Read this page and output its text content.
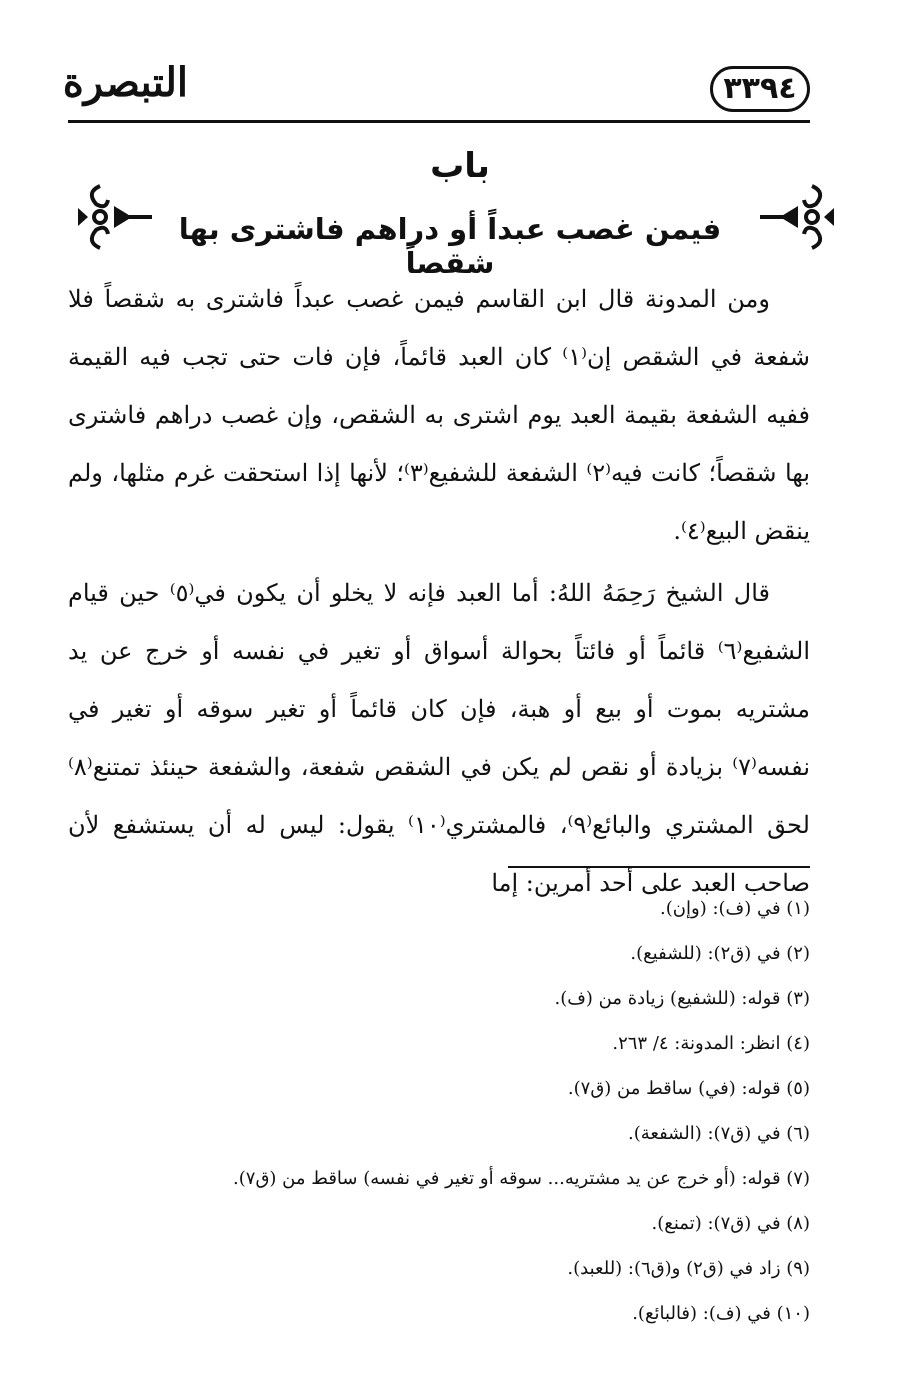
التبصرة	٣٣٩٤
باب
فيمن غصب عبداً أو دراهم فاشترى بها شقصاً

ومن المدونة قال ابن القاسم فيمن غصب عبداً فاشترى به شقصاً فلا شفعة في الشقص إن⁽١⁾ كان العبد قائماً، فإن فات حتى تجب فيه القيمة ففيه الشفعة بقيمة العبد يوم اشترى به الشقص، وإن غصب دراهم فاشترى بها شقصاً؛ كانت فيه⁽٢⁾ الشفعة للشفيع⁽٣⁾؛ لأنها إذا استحقت غرم مثلها، ولم ينقض البيع⁽٤⁾.

قال الشيخ رَحِمَهُ اللهُ: أما العبد فإنه لا يخلو أن يكون في⁽٥⁾ حين قيام الشفيع⁽٦⁾ قائماً أو فائتاً بحوالة أسواق أو تغير في نفسه أو خرج عن يد مشتريه بموت أو بيع أو هبة، فإن كان قائماً أو تغير سوقه أو تغير في نفسه⁽٧⁾ بزيادة أو نقص لم يكن في الشقص شفعة، والشفعة حينئذ تمتنع⁽٨⁾ لحق المشتري والبائع⁽٩⁾، فالمشتري⁽١٠⁾ يقول: ليس له أن يستشفع لأن صاحب العبد على أحد أمرين: إما

(١) في (ف): (وإن).
(٢) في (ق٢): (للشفيع).
(٣) قوله: (للشفيع) زيادة من (ف).
(٤) انظر: المدونة: ٤/ ٢٦٣.
(٥) قوله: (في) ساقط من (ق٧).
(٦) في (ق٧): (الشفعة).
(٧) قوله: (أو خرج عن يد مشتريه... سوقه أو تغير في نفسه) ساقط من (ق٧).
(٨) في (ق٧): (تمنع).
(٩) زاد في (ق٢) و(ق٦): (للعبد).
(١٠) في (ف): (فالبائع).
